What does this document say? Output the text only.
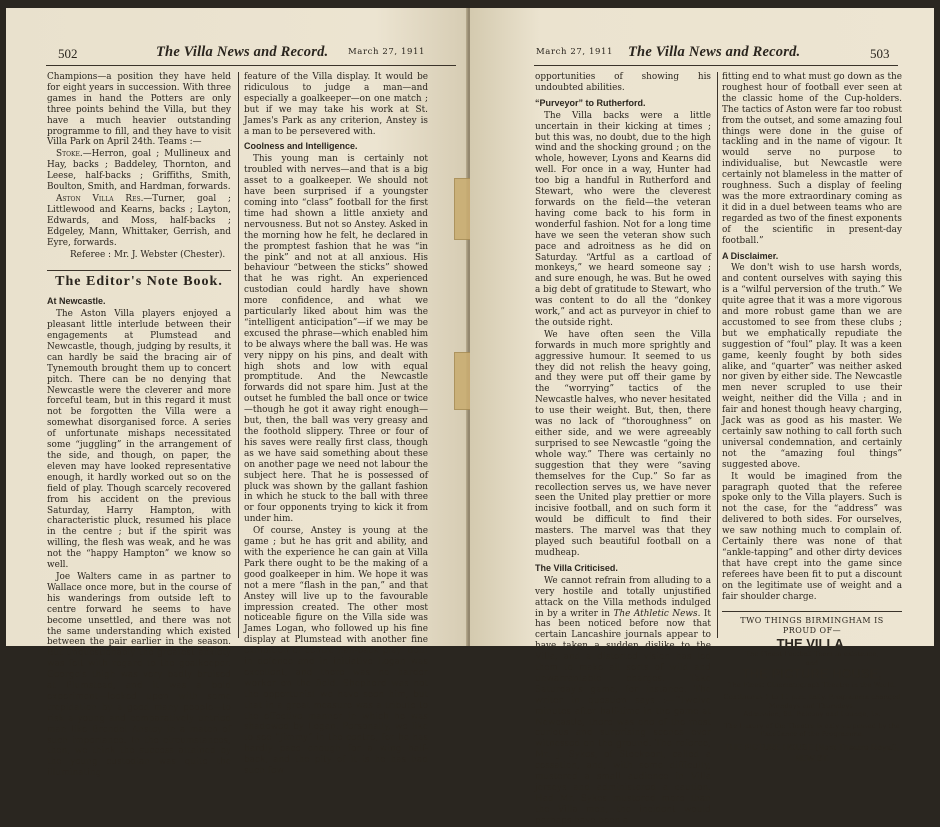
502	The Villa News and Record. March 27, 1911

Champions—a position they have held for eight years in succession. With three games in hand the Potters are only three points behind the Villa, but they have a much heavier outstanding programme to fill, and they have to visit Villa Park on April 24th. Teams :—

Stoke.—Herron, goal ; Mullineux and Hay, backs ; Baddeley, Thornton, and Leese, half-backs ; Griffiths, Smith, Boulton, Smith, and Hardman, forwards.

Aston Villa Res.—Turner, goal ; Littlewood and Kearns, backs ; Layton, Edwards, and Moss, half-backs ; Edgeley, Mann, Whittaker, Gerrish, and Eyre, forwards.

Referee : Mr. J. Webster (Chester).

The Editor's Note Book.
At Newcastle.

The Aston Villa players enjoyed a pleasant little interlude between their engagements at Plumstead and Newcastle, though, judging by results, it can hardly be said the bracing air of Tynemouth brought them up to concert pitch. There can be no denying that Newcastle were the cleverer and more forceful team, but in this regard it must not be forgotten the Villa were a somewhat disorganised force. A series of unfortunate mishaps necessitated some “juggling” in the arrangement of the side, and though, on paper, the eleven may have looked representative enough, it hardly worked out so on the field of play. Though scarcely recovered from his accident on the previous Saturday, Harry Hampton, with characteristic pluck, resumed his place in the centre ; but if the spirit was willing, the flesh was weak, and he was not the “happy Hampton” we know so well.

Joe Walters came in as partner to Wallace once more, but in the course of his wanderings from outside left to centre forward he seems to have become unsettled, and there was not the same understanding which existed between the pair earlier in the season. But unquestionably the greatest anxiety was felt with regard to the goalkeeper. George's thigh was very badly bruised at Plumstead, and it was a bold experiment—looked upon with some trepidation by a good many people—to risk a young and comparatively untried man like Brendel Anstey in a match of such importance. In the circumstances, then, we think the success attained by the young custodian was quite the illuminating

feature of the Villa display. It would be ridiculous to judge a man—and especially a goalkeeper—on one match ; but if we may take his work at St. James's Park as any criterion, Anstey is a man to be persevered with.

Coolness and Intelligence.

This young man is certainly not troubled with nerves—and that is a big asset to a goalkeeper. We should not have been surprised if a youngster coming into “class” football for the first time had shown a little anxiety and nervousness. But not so Anstey. Asked in the morning how he felt, he declared in the promptest fashion that he was “in the pink” and not at all anxious. His behaviour “between the sticks” showed that he was right. An experienced custodian could hardly have shown more confidence, and what we particularly liked about him was the “intelligent anticipation”—if we may be excused the phrase—which enabled him to be always where the ball was. He was very nippy on his pins, and dealt with high shots and low with equal promptitude. And the Newcastle forwards did not spare him. Just at the outset he fumbled the ball once or twice—though he got it away right enough—but, then, the ball was very greasy and the foothold slippery. Three or four of his saves were really first class, though as we have said something about these on another page we need not labour the subject here. That he is possessed of pluck was shown by the gallant fashion in which he stuck to the ball with three or four opponents trying to kick it from under him.

Of course, Anstey is young at the game ; but he has grit and ability, and with the experience he can gain at Villa Park there ought to be the making of a good goalkeeper in him. We hope it was not a mere “flash in the pan,” and that Anstey will live up to the favourable impression created. The other most noticeable figure on the Villa side was James Logan, who followed up his fine display at Plumstead with another fine exhibition of centre half-back play. Both in defence and in initiative Logan was excellent, and there was no harder worker on the field. Shepherd was not the opportunist we have seen him, but that in a great measure was a tribute to the effective manner in which he was shadowed by Logan. Personally, we like to see “Jimmy” in the centre, for he has hardly pace enough for a wing half-back, and the pity of it is he has had such few

March 27, 1911 The Villa News and Record.	503

opportunities of showing his undoubted abilities.

“Purveyor” to Rutherford.

The Villa backs were a little uncertain in their kicking at times ; but this was, no doubt, due to the high wind and the shocking ground ; on the whole, however, Lyons and Kearns did well. For once in a way, Hunter had too big a handful in Rutherford and Stewart, who were the cleverest forwards on the field—the veteran having come back to his form in wonderful fashion. Not for a long time have we seen the veteran show such pace and adroitness as he did on Saturday. “Artful as a cartload of monkeys,” we heard someone say ; and sure enough, he was. But he owed a big debt of gratitude to Stewart, who was content to do all the “donkey work,” and act as purveyor in chief to the outside right.

We have often seen the Villa forwards in much more sprightly and aggressive humour. It seemed to us they did not relish the heavy going, and they were put off their game by the “worrying” tactics of the Newcastle halves, who never hesitated to use their weight. But, then, there was no lack of “thoroughness” on either side, and we were agreeably surprised to see Newcastle “going the whole way.” There was certainly no suggestion that they were “saving themselves for the Cup.” So far as recollection serves us, we have never seen the United play prettier or more incisive football, and on such form it would be difficult to find their masters. The marvel was that they played such beautiful football on a mudheap.

The Villa Criticised.

We cannot refrain from alluding to a very hostile and totally unjustified attack on the Villa methods indulged in by a writer in The Athletic News. It has been noticed before now that certain Lancashire journals appear to have taken a sudden dislike to the Villa, and a distorted vision has led them to make all sorts of wild and unwarrantable charges. Take Saturday's game, for instance. The writer in question says :—“Twelve minutes after half-time in the game at Newcastle, there was one of the most curious and surprising scenes ever witnessed on the ground. The referee, Mr. J. Sykes, of Stockport, called a cessation, and, with some difficulty, mustered a small audience in Villa jerseys and administered a caution. Had Mr. Sykes mustered more than the Villa men, the incident would perhaps have been a

fitting end to what must go down as the roughest hour of football ever seen at the classic home of the Cup-holders. The tactics of Aston were far too robust from the outset, and some amazing foul things were done in the guise of tackling and in the name of vigour. It would serve no purpose to individualise, but Newcastle were certainly not blameless in the matter of roughness. Such a display of feeling was the more extraordinary coming as it did in a duel between teams who are regarded as two of the finest exponents of the scientific in present-day football.”

A Disclaimer.

We don't wish to use harsh words, and content ourselves with saying this is a “wilful perversion of the truth.” We quite agree that it was a more vigorous and more robust game than we are accustomed to see from these clubs ; but we emphatically repudiate the suggestion of “foul” play. It was a keen game, keenly fought by both sides alike, and “quarter” was neither asked nor given by either side. The Newcastle men never scrupled to use their weight, neither did the Villa ; and in fair and honest though heavy charging, Jack was as good as his master. We certainly saw nothing to call forth such universal condemnation, and certainly not the “amazing foul things” suggested above.

It would be imagined from the paragraph quoted that the referee spoke only to the Villa players. Such is not the case, for the “address” was delivered to both sides. For ourselves, we saw nothing much to complain of. Certainly there was none of that “ankle-tapping” and other dirty devices that have crept into the game since referees have been fit to put a discount on the legitimate use of weight and a fair shoulder charge.

TWO THINGS BIRMINGHAM IS PROUD OF—
THE VILLA,
The Finest Football Team in existence,
and
THE PICTURE HOUSE,
The Finest Cinematograph Theatre in the World.
Continuous 1 to 11 p.m. daily. Programme changed Mondays and Thursdays.
Admission, 6d. Balcony and Lounge, 1s.
The Luxury of the Theatre is only surpassed by the Excellence of the Programme.
THE PICTURE HOUSE (Next Theatre Royal), NEW ST.
